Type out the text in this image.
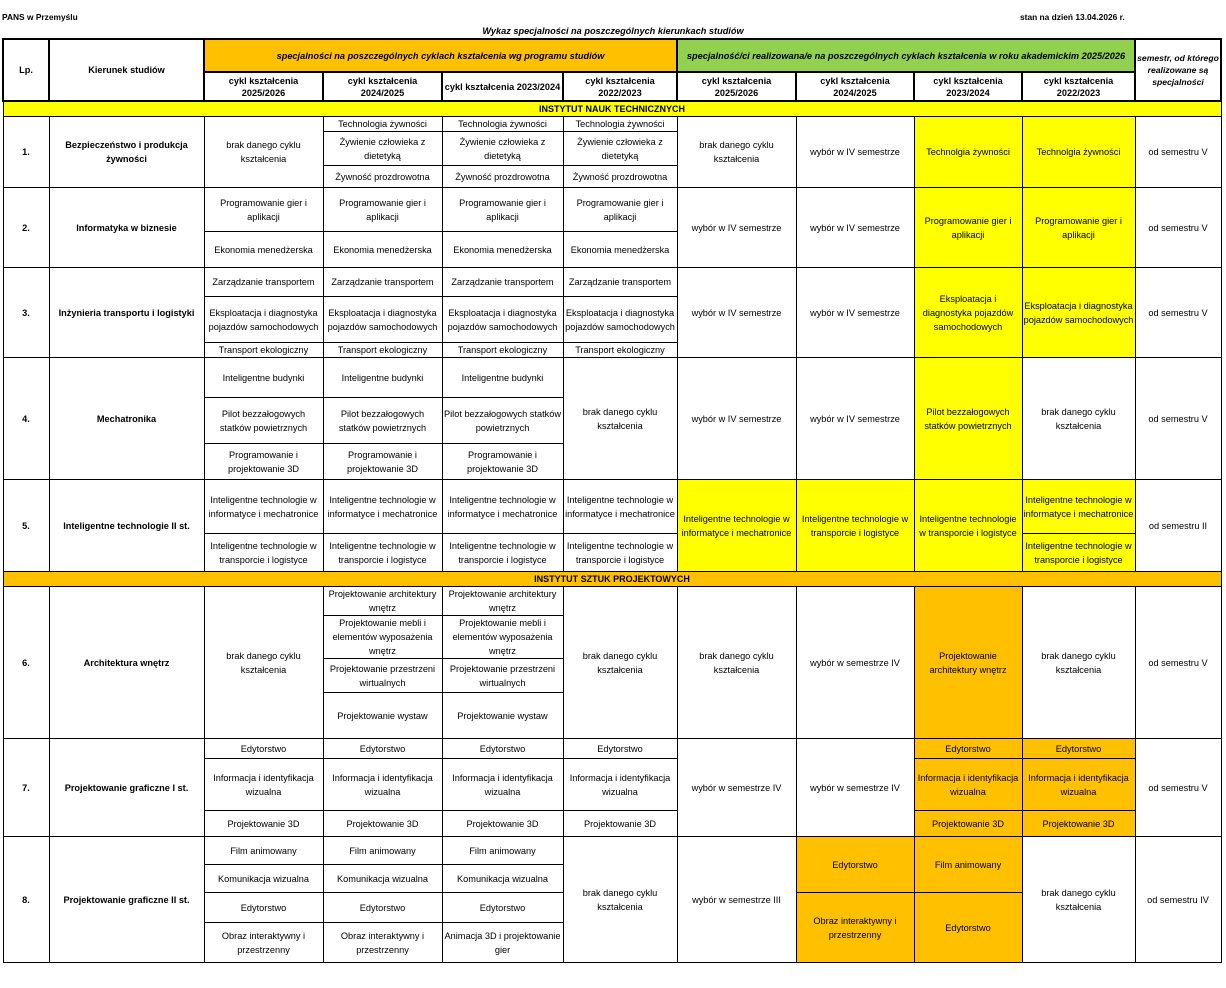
PANS w Przemyślu	stan na dzień 13.04.2026 r.
Wykaz specjalności na poszczególnych kierunkach studiów
Lp.	Kierunek studiów	specjalności na poszczególnych cyklach kształcenia wg programu studiów				specjalność/ci realizowana/e na poszczególnych cyklach kształcenia w roku akademickim 2025/2026				semestr, od którego realizowane są specjalności
		cykl kształcenia 2025/2026	cykl kształcenia 2024/2025	cykl kształcenia 2023/2024	cykl kształcenia 2022/2023	cykl kształcenia 2025/2026	cykl kształcenia 2024/2025	cykl kształcenia 2023/2024	cykl kształcenia 2022/2023	
INSTYTUT NAUK TECHNICZNYCH										
1.	Bezpieczeństwo i produkcja żywności	brak danego cyklu kształcenia	Technologia żywności	Technologia żywności	Technologia żywności	brak danego cyklu kształcenia	wybór w IV semestrze	Technolgia żywności	Technolgia żywności	od semestru V
			Żywienie człowieka z dietetyką	Żywienie człowieka z dietetyką	Żywienie człowieka z dietetyką					
			Żywność prozdrowotna	Żywność prozdrowotna	Żywność prozdrowotna					
2.	Informatyka w biznesie	Programowanie gier i aplikacji	Programowanie gier i aplikacji	Programowanie gier i aplikacji	Programowanie gier i aplikacji	wybór w IV semestrze	wybór w IV semestrze	Programowanie gier i aplikacji	Programowanie gier i aplikacji	od semestru V
		Ekonomia menedżerska	Ekonomia menedżerska	Ekonomia menedżerska	Ekonomia menedżerska					
3.	Inżynieria transportu i logistyki	Zarządzanie transportem	Zarządzanie transportem	Zarządzanie transportem	Zarządzanie transportem	wybór w IV semestrze	wybór w IV semestrze	Eksploatacja i diagnostyka pojazdów samochodowych	Eksploatacja i diagnostyka pojazdów samochodowych	od semestru V
		Eksploatacja i diagnostyka pojazdów samochodowych	Eksploatacja i diagnostyka pojazdów samochodowych	Eksploatacja i diagnostyka pojazdów samochodowych	Eksploatacja i diagnostyka pojazdów samochodowych					
		Transport ekologiczny	Transport ekologiczny	Transport ekologiczny	Transport ekologiczny					
4.	Mechatronika	Inteligentne budynki	Inteligentne budynki	Inteligentne budynki	brak danego cyklu kształcenia	wybór w IV semestrze	wybór w IV semestrze	Pilot bezzałogowych statków powietrznych	brak danego cyklu kształcenia	od semestru V
		Pilot bezzałogowych statków powietrznych	Pilot bezzałogowych statków powietrznych	Pilot bezzałogowych statków powietrznych						
		Programowanie i projektowanie 3D	Programowanie i projektowanie 3D	Programowanie i projektowanie 3D						
5.	Inteligentne technologie II st.	Inteligentne technologie w informatyce i mechatronice	Inteligentne technologie w informatyce i mechatronice	Inteligentne technologie w informatyce i mechatronice	Inteligentne technologie w informatyce i mechatronice	Inteligentne technologie w informatyce i mechatronice	Inteligentne technologie w transporcie i logistyce	Inteligentne technologie w transporcie i logistyce	Inteligentne technologie w informatyce i mechatronice	od semestru II
		Inteligentne technologie w transporcie i logistyce	Inteligentne technologie w transporcie i logistyce	Inteligentne technologie w transporcie i logistyce	Inteligentne technologie w transporcie i logistyce				Inteligentne technologie w transporcie i logistyce	
INSTYTUT SZTUK PROJEKTOWYCH										
6.	Architektura wnętrz	brak danego cyklu kształcenia	Projektowanie architektury wnętrz	Projektowanie architektury wnętrz	brak danego cyklu kształcenia	brak danego cyklu kształcenia	wybór w semestrze IV	Projektowanie architektury wnętrz	brak danego cyklu kształcenia	od semestru V
			Projektowanie mebli i elementów wyposażenia wnętrz	Projektowanie mebli i elementów wyposażenia wnętrz						
			Projektowanie przestrzeni wirtualnych	Projektowanie przestrzeni wirtualnych						
			Projektowanie wystaw	Projektowanie wystaw						
7.	Projektowanie graficzne I st.	Edytorstwo	Edytorstwo	Edytorstwo	Edytorstwo	wybór w semestrze IV	wybór w semestrze IV	Edytorstwo	Edytorstwo	od semestru V
		Informacja i identyfikacja wizualna	Informacja i identyfikacja wizualna	Informacja i identyfikacja wizualna	Informacja i identyfikacja wizualna			Informacja i identyfikacja wizualna	Informacja i identyfikacja wizualna	
		Projektowanie 3D	Projektowanie 3D	Projektowanie 3D	Projektowanie 3D			Projektowanie 3D	Projektowanie 3D	
8.	Projektowanie graficzne II st.	Film animowany	Film animowany	Film animowany	brak danego cyklu kształcenia	wybór w semestrze III	Edytorstwo	Film animowany	brak danego cyklu kształcenia	od semestru IV
		Komunikacja wizualna	Komunikacja wizualna	Komunikacja wizualna						
		Edytorstwo	Edytorstwo	Edytorstwo			Obraz interaktywny i przestrzenny	Edytorstwo		
		Obraz interaktywny i przestrzenny	Obraz interaktywny i przestrzenny	Animacja 3D i projektowanie gier						
